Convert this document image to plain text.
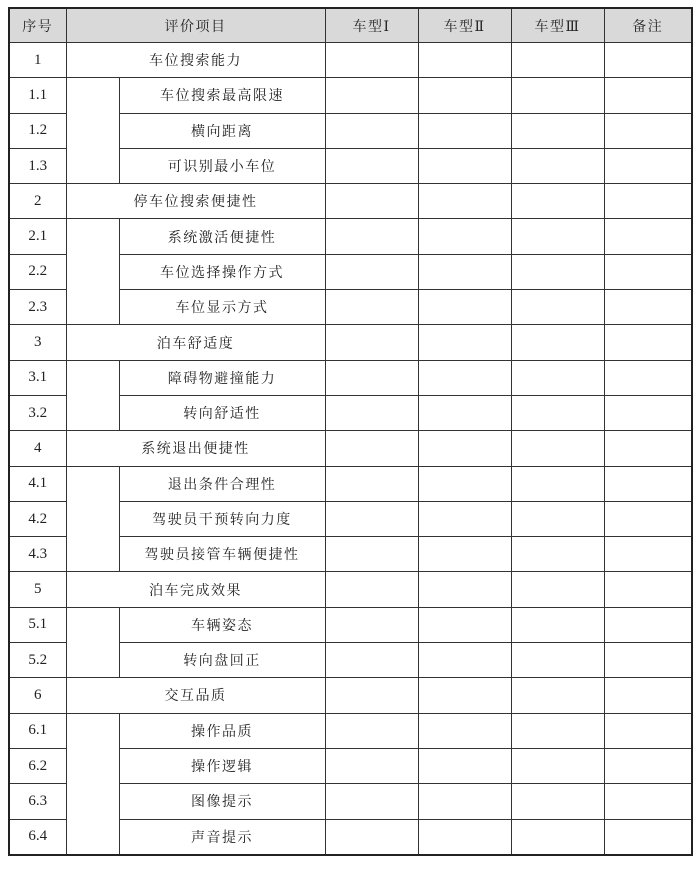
序号	评价项目		车型Ⅰ	车型Ⅱ	车型Ⅲ	备注
1	车位搜索能力					
1.1		车位搜索最高限速				
1.2		横向距离				
1.3		可识别最小车位				
2	停车位搜索便捷性					
2.1		系统激活便捷性				
2.2		车位选择操作方式				
2.3		车位显示方式				
3	泊车舒适度					
3.1		障碍物避撞能力				
3.2		转向舒适性				
4	系统退出便捷性					
4.1		退出条件合理性				
4.2		驾驶员干预转向力度				
4.3		驾驶员接管车辆便捷性				
5	泊车完成效果					
5.1		车辆姿态				
5.2		转向盘回正				
6	交互品质					
6.1		操作品质				
6.2		操作逻辑				
6.3		图像提示				
6.4		声音提示				
